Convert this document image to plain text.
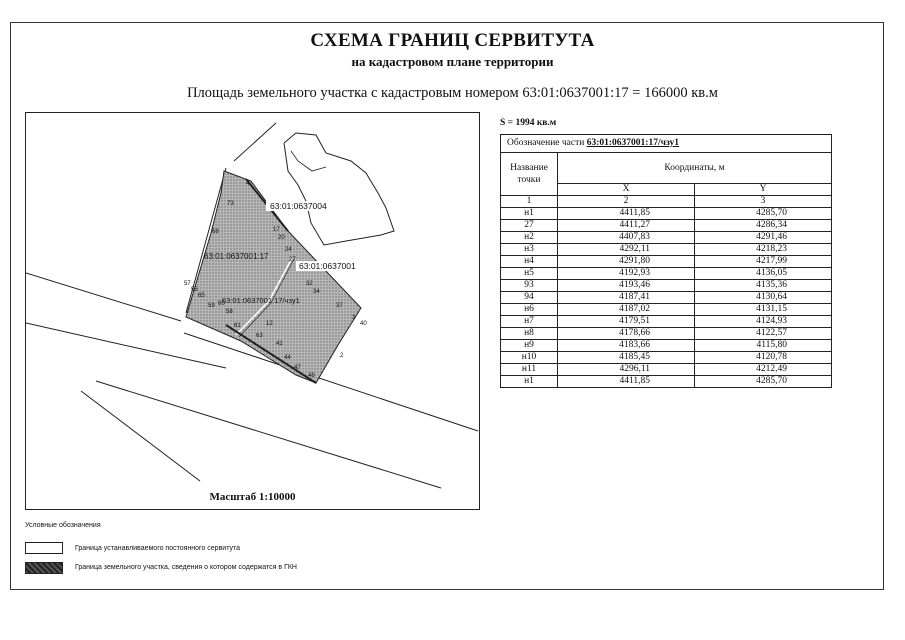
СХЕМА ГРАНИЦ СЕРВИТУТА
на кадастровом плане территории
Площадь земельного участка с кадастровым номером 63:01:0637001:17 = 166000 кв.м
63:01:0637004
63:01:0637001
63:01:0637001:17
63:01:0637001:17/чзу1
4
17
20
24
27
32
34
37
3
40
2
41
44
47
46
55
57
58
59 60
61
63
65
68
73
12
Масштаб 1:10000
S = 1994 кв.м
Обозначение части 63:01:0637001:17/чзу1		
Название точки	Координаты, м	
	X	Y
1	2	3
н1	4411,85	4285,70
27	4411,27	4286,34
н2	4407,83	4291,46
н3	4292,11	4218,23
н4	4291,80	4217,99
н5	4192,93	4136,05
93	4193,46	4135,36
94	4187,41	4130,64
н6	4187,02	4131,15
н7	4179,51	4124,93
н8	4178,66	4122,57
н9	4183,66	4115,80
н10	4185,45	4120,78
н11	4296,11	4212,49
н1	4411,85	4285,70
Условные обозначения
Граница устанавливаемого постоянного сервитута
Граница земельного участка, сведения о котором содержатся в ГКН
